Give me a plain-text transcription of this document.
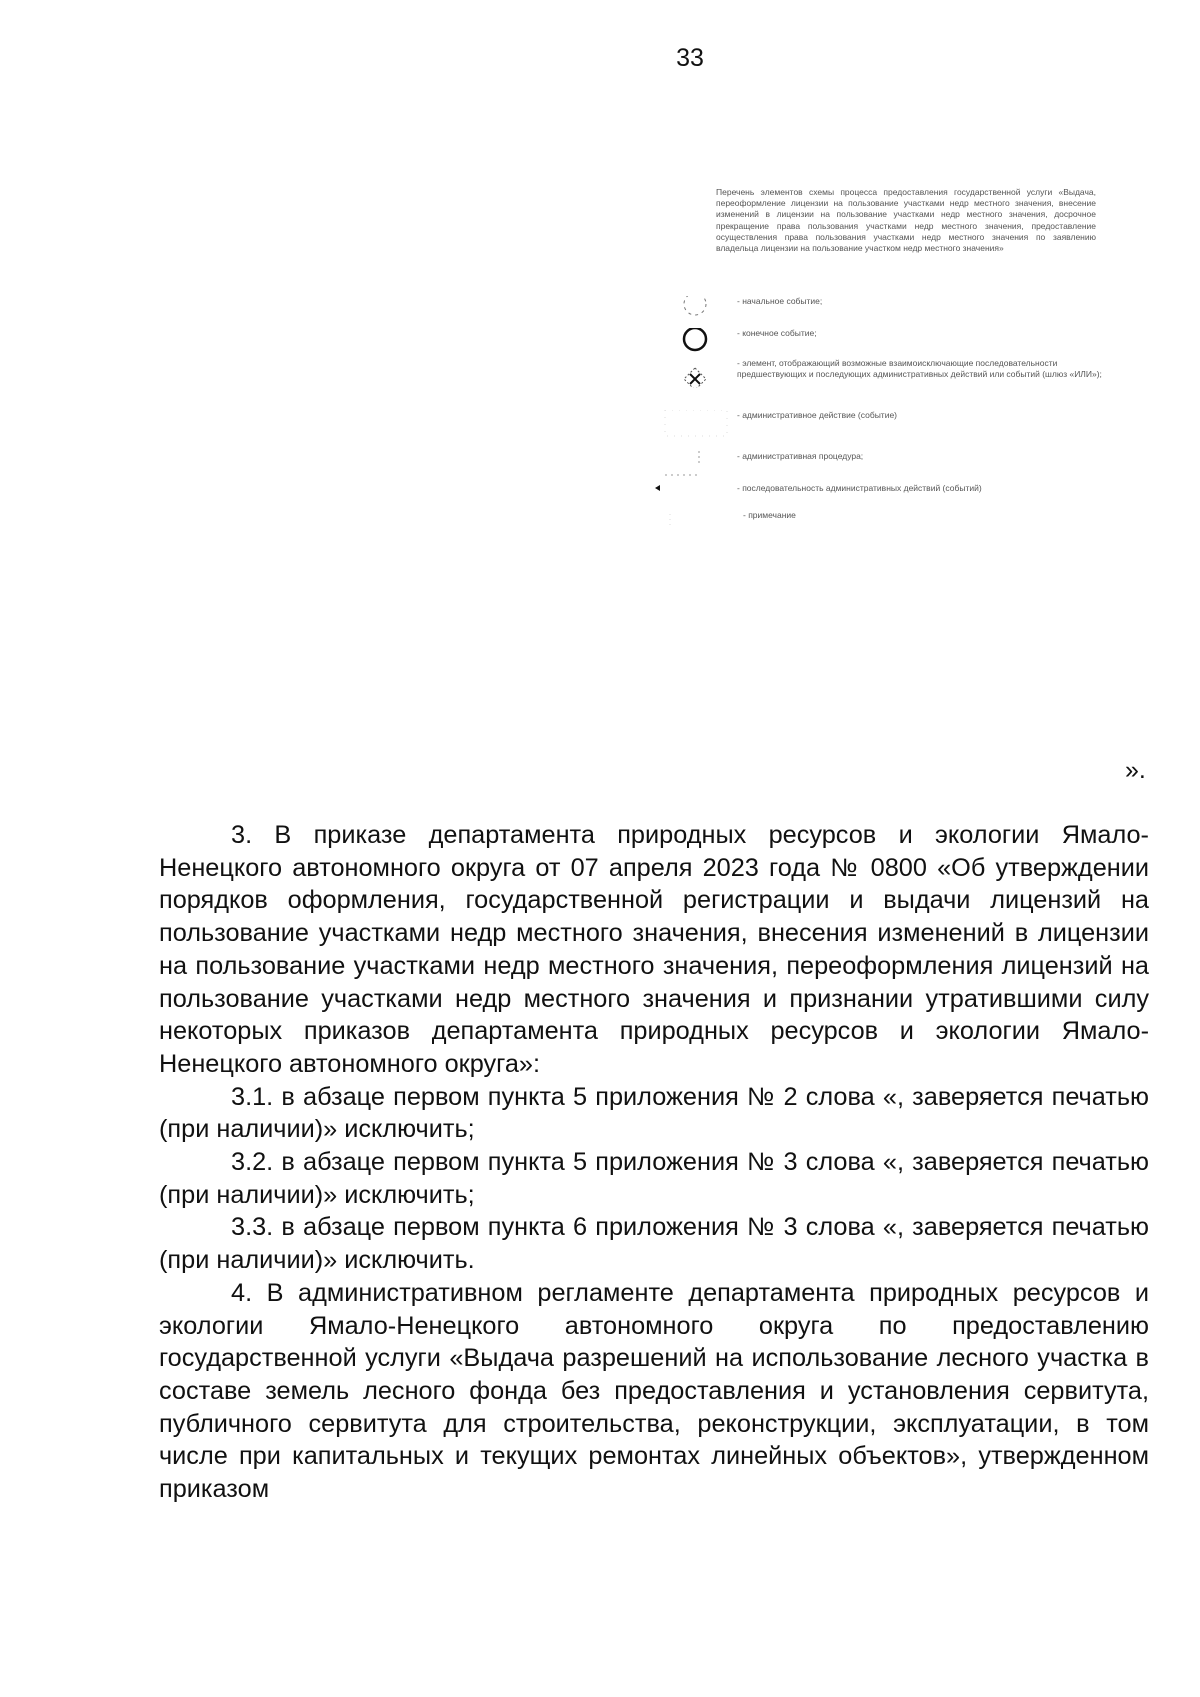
33
Перечень элементов схемы процесса предоставления государственной услуги «Выдача, переоформление лицензии на пользование участками недр местного значения, внесение изменений в лицензии на пользование участками недр местного значения, досрочное прекращение права пользования участками недр местного значения, предоставление осуществления права пользования участками недр местного значения по заявлению владельца лицензии на пользование участком недр местного значения»
- начальное событие;
- конечное событие;
- элемент, отображающий возможные взаимоисключающие последовательности предшествующих и последующих административных действий или событий (шлюз «ИЛИ»);
- административное действие (событие)
- административная процедура;
- последовательность административных действий (событий)
- примечание
».

3. В приказе департамента природных ресурсов и экологии Ямало-Ненецкого автономного округа от 07 апреля 2023 года № 0800 «Об утверждении порядков оформления, государственной регистрации и выдачи лицензий на пользование участками недр местного значения, внесения изменений в лицензии на пользование участками недр местного значения, переоформления лицензий на пользование участками недр местного значения и признании утратившими силу некоторых приказов департамента природных ресурсов и экологии Ямало-Ненецкого автономного округа»:

3.1. в абзаце первом пункта 5 приложения № 2 слова «, заверяется печатью (при наличии)» исключить;

3.2. в абзаце первом пункта 5 приложения № 3 слова «, заверяется печатью (при наличии)» исключить;

3.3. в абзаце первом пункта 6 приложения № 3 слова «, заверяется печатью (при наличии)» исключить.

4. В административном регламенте департамента природных ресурсов и экологии Ямало-Ненецкого автономного округа по предоставлению государственной услуги «Выдача разрешений на использование лесного участка в составе земель лесного фонда без предоставления и установления сервитута, публичного сервитута для строительства, реконструкции, эксплуатации, в том числе при капитальных и текущих ремонтах линейных объектов», утвержденном приказом
